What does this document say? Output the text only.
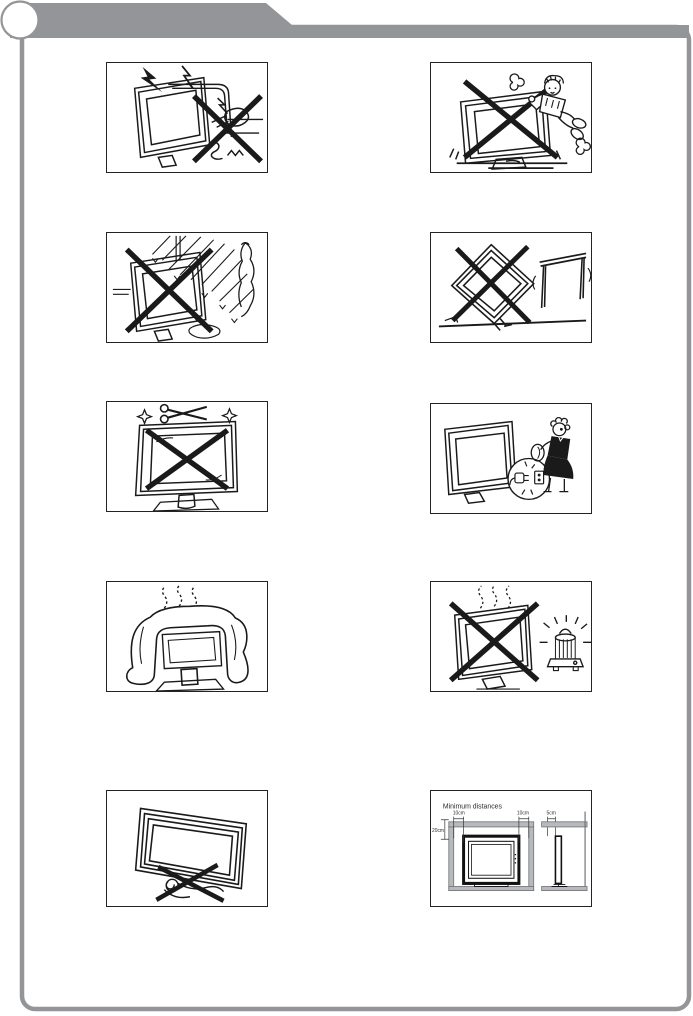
Minimum distances
10cm	10cm	5cm
20cm
